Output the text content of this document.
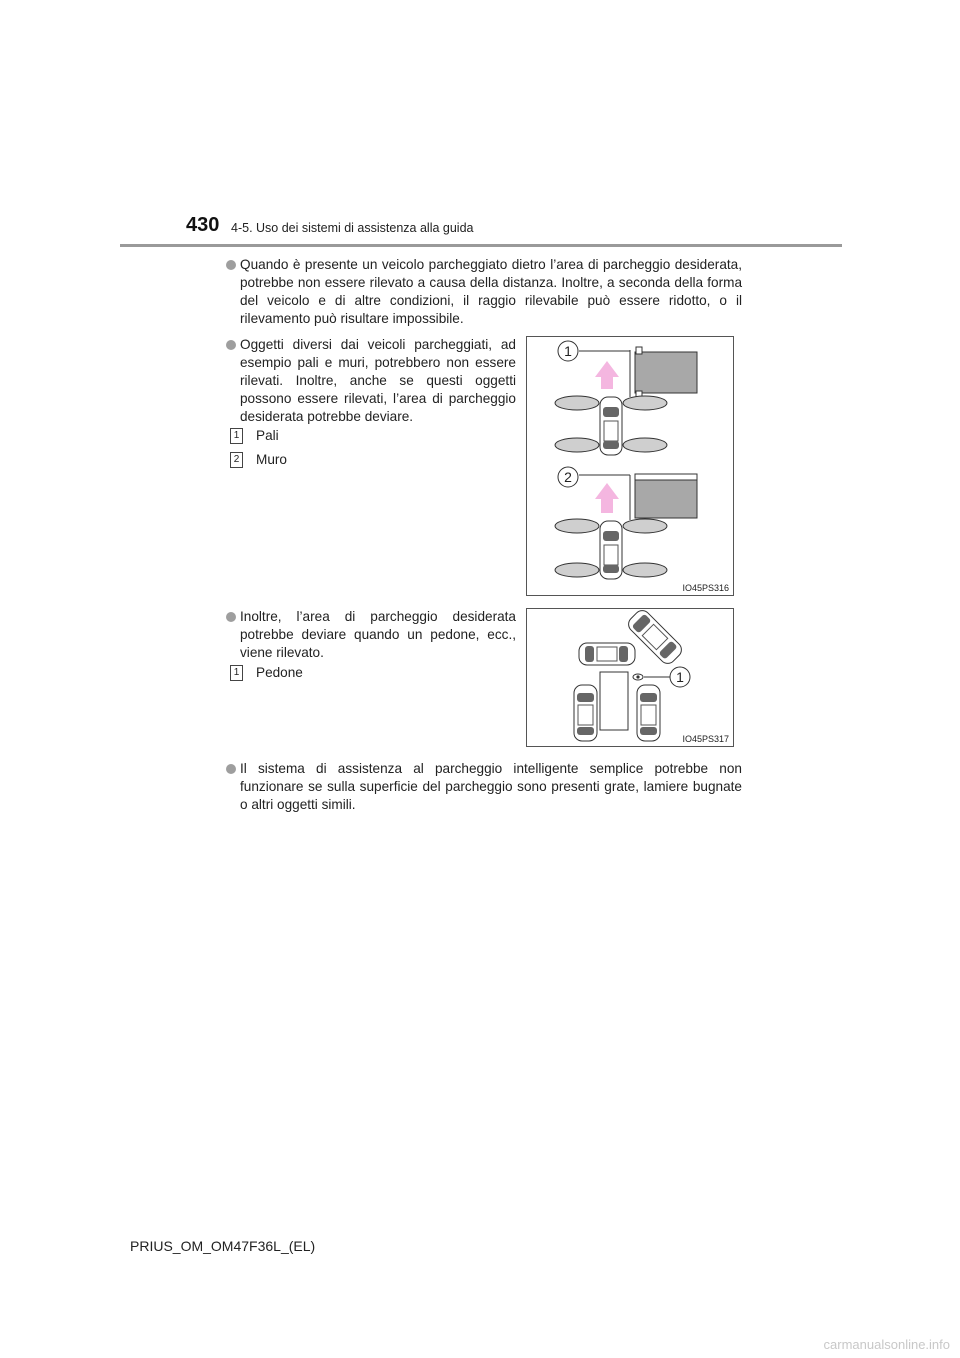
430 4-5. Uso dei sistemi di assistenza alla guida
Quando è presente un veicolo parcheggiato dietro l’area di parcheggio desiderata, potrebbe non essere rilevato a causa della distanza. Inoltre, a seconda della forma del veicolo e di altre condizioni, il raggio rilevabile può essere ridotto, o il rilevamento può risultare impossibile.
Oggetti diversi dai veicoli parcheggiati, ad esempio pali e muri, potrebbero non essere rilevati. Inoltre, anche se questi oggetti possono essere rilevati, l’area di parcheggio desiderata potrebbe deviare.
1 Pali
2 Muro
1
2
IO45PS316
Inoltre, l’area di parcheggio desiderata potrebbe deviare quando un pedone, ecc., viene rilevato.
1 Pedone	1
IO45PS317
Il sistema di assistenza al parcheggio intelligente semplice potrebbe non funzionare se sulla superficie del parcheggio sono presenti grate, lamiere bugnate o altri oggetti simili.
PRIUS_OM_OM47F36L_(EL)
carmanualsonline.info
